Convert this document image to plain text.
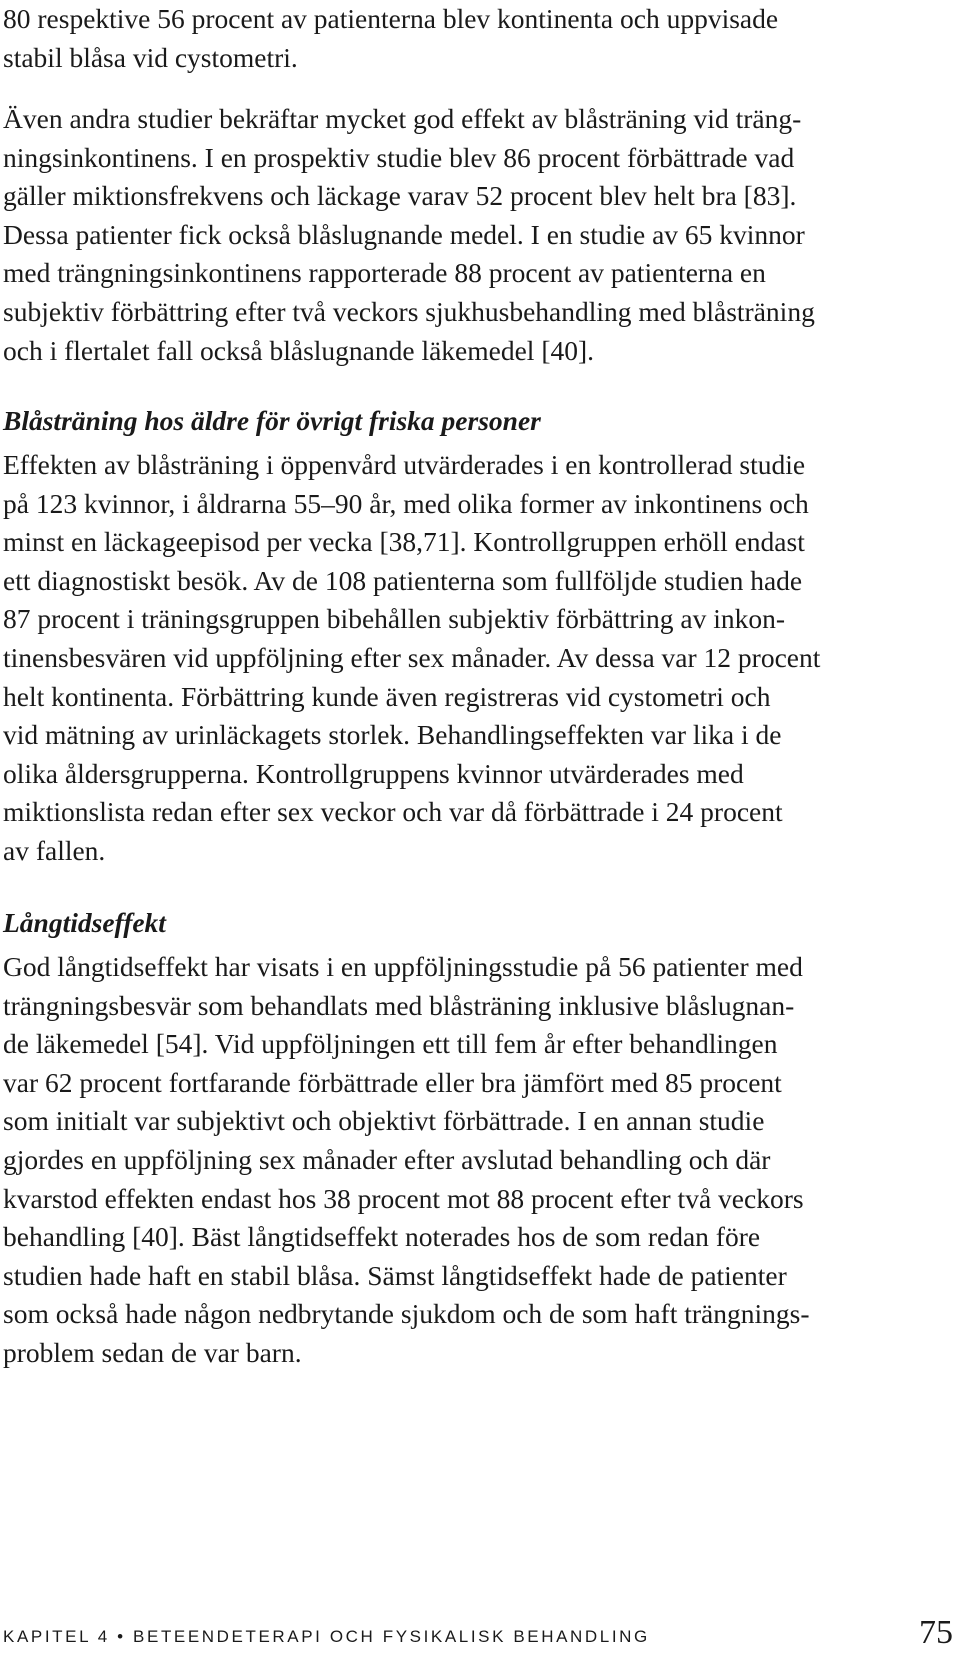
80 respektive 56 procent av patienterna blev kontinenta och uppvisade
stabil blåsa vid cystometri.

Även andra studier bekräftar mycket god effekt av blåsträning vid träng-
ningsinkontinens. I en prospektiv studie blev 86 procent förbättrade vad
gäller miktionsfrekvens och läckage varav 52 procent blev helt bra [83].
Dessa patienter fick också blåslugnande medel. I en studie av 65 kvinnor
med trängningsinkontinens rapporterade 88 procent av patienterna en
subjektiv förbättring efter två veckors sjukhusbehandling med blåsträning
och i flertalet fall också blåslugnande läkemedel [40].

Blåsträning hos äldre för övrigt friska personer

Effekten av blåsträning i öppenvård utvärderades i en kontrollerad studie
på 123 kvinnor, i åldrarna 55–90 år, med olika former av inkontinens och
minst en läckageepisod per vecka [38,71]. Kontrollgruppen erhöll endast
ett diagnostiskt besök. Av de 108 patienterna som fullföljde studien hade
87 procent i träningsgruppen bibehållen subjektiv förbättring av inkon-
tinensbesvären vid uppföljning efter sex månader. Av dessa var 12 procent
helt kontinenta. Förbättring kunde även registreras vid cystometri och
vid mätning av urinläckagets storlek. Behandlingseffekten var lika i de
olika åldersgrupperna. Kontrollgruppens kvinnor utvärderades med
miktionslista redan efter sex veckor och var då förbättrade i 24 procent
av fallen.

Långtidseffekt

God långtidseffekt har visats i en uppföljningsstudie på 56 patienter med
trängningsbesvär som behandlats med blåsträning inklusive blåslugnan-
de läkemedel [54]. Vid uppföljningen ett till fem år efter behandlingen
var 62 procent fortfarande förbättrade eller bra jämfört med 85 procent
som initialt var subjektivt och objektivt förbättrade. I en annan studie
gjordes en uppföljning sex månader efter avslutad behandling och där
kvarstod effekten endast hos 38 procent mot 88 procent efter två veckors
behandling [40]. Bäst långtidseffekt noterades hos de som redan före
studien hade haft en stabil blåsa. Sämst långtidseffekt hade de patienter
som också hade någon nedbrytande sjukdom och de som haft trängnings-
problem sedan de var barn.

KAPITEL 4 • BETEENDETERAPI OCH FYSIKALISK BEHANDLING	75
